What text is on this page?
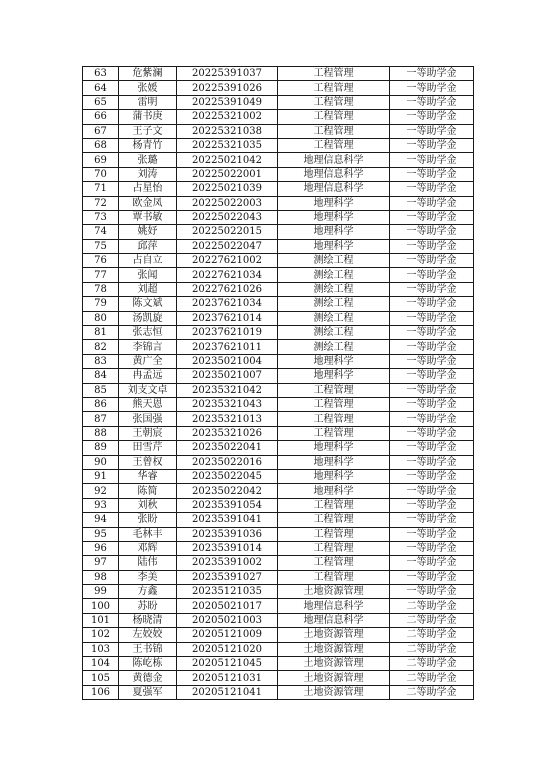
63	危紫澜	20225391037	工程管理	一等助学金
64	张媛	20225391026	工程管理	一等助学金
65	雷明	20225391049	工程管理	一等助学金
66	蒲书庚	20225321002	工程管理	一等助学金
67	王子文	20225321038	工程管理	一等助学金
68	杨青竹	20225321035	工程管理	一等助学金
69	张璐	20225021042	地理信息科学	一等助学金
70	刘涛	20225022001	地理信息科学	一等助学金
71	占星怡	20225021039	地理信息科学	一等助学金
72	欧金凤	20225022003	地理科学	一等助学金
73	覃书敏	20225022043	地理科学	一等助学金
74	姚妤	20225022015	地理科学	一等助学金
75	邱萍	20225022047	地理科学	一等助学金
76	占自立	20227621002	测绘工程	一等助学金
77	张闻	20227621034	测绘工程	一等助学金
78	刘超	20227621026	测绘工程	一等助学金
79	陈文斌	20237621034	测绘工程	一等助学金
80	汤凯旋	20237621014	测绘工程	一等助学金
81	张志恒	20237621019	测绘工程	一等助学金
82	李锦言	20237621011	测绘工程	一等助学金
83	黄广全	20235021004	地理科学	一等助学金
84	冉孟远	20235021007	地理科学	一等助学金
85	刘支文卓	20235321042	工程管理	一等助学金
86	熊天恩	20235321043	工程管理	一等助学金
87	张国强	20235321013	工程管理	一等助学金
88	王朝宸	20235321026	工程管理	一等助学金
89	田雪芹	20235022041	地理科学	一等助学金
90	王曾权	20235022016	地理科学	一等助学金
91	华睿	20235022045	地理科学	一等助学金
92	陈简	20235022042	地理科学	一等助学金
93	刘秋	20235391054	工程管理	一等助学金
94	张盼	20235391041	工程管理	一等助学金
95	毛林丰	20235391036	工程管理	一等助学金
96	邓辉	20235391014	工程管理	一等助学金
97	陆伟	20235391002	工程管理	一等助学金
98	李美	20235391027	工程管理	一等助学金
99	方鑫	20235121035	土地资源管理	一等助学金
100	苏盼	20205021017	地理信息科学	二等助学金
101	杨晓清	20205021003	地理信息科学	二等助学金
102	左姣姣	20205121009	土地资源管理	二等助学金
103	王书锦	20205121020	土地资源管理	二等助学金
104	陈屹栋	20205121045	土地资源管理	二等助学金
105	黄德金	20205121031	土地资源管理	二等助学金
106	夏强军	20205121041	土地资源管理	二等助学金
